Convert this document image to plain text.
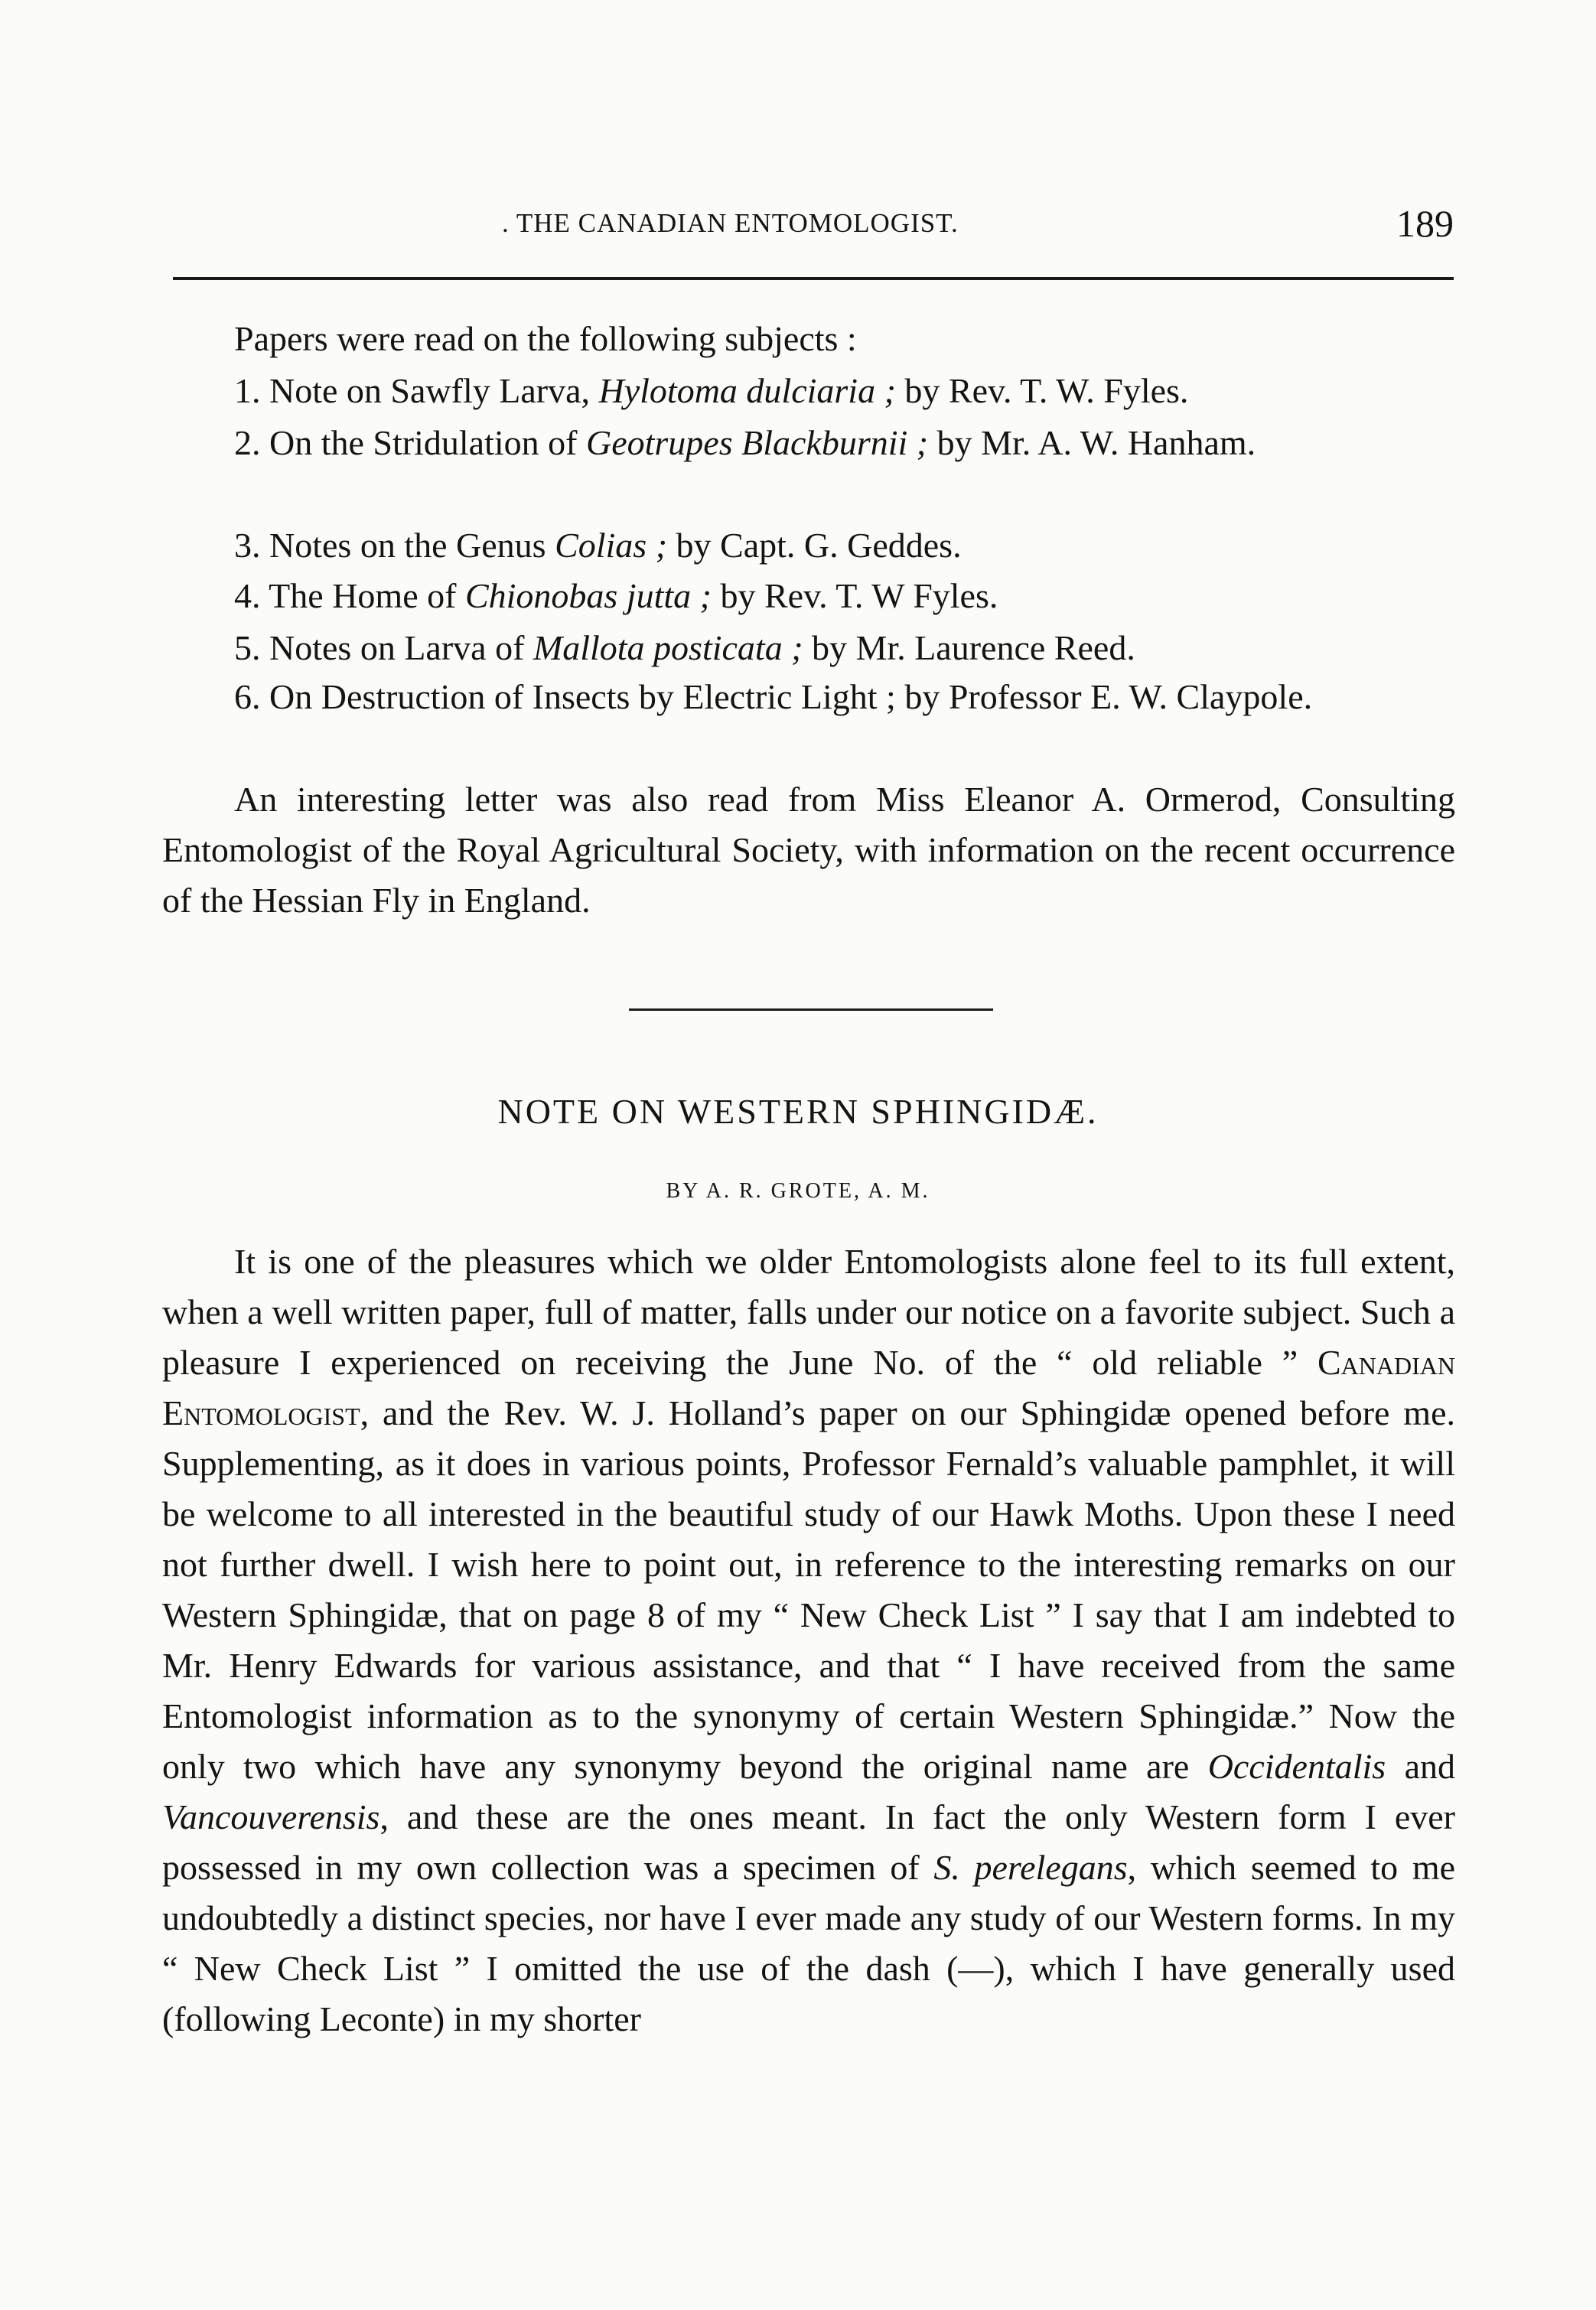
. THE CANADIAN ENTOMOLOGIST.	189

Papers were read on the following subjects :

1. Note on Sawfly Larva, Hylotoma dulciaria ; by Rev. T. W. Fyles.

2. On the Stridulation of Geotrupes Blackburnii ; by Mr. A. W. Hanham.

3. Notes on the Genus Colias ; by Capt. G. Geddes.

4. The Home of Chionobas jutta ; by Rev. T. W Fyles.

5. Notes on Larva of Mallota posticata ; by Mr. Laurence Reed.

6. On Destruction of Insects by Electric Light ; by Professor E. W. Claypole.

An interesting letter was also read from Miss Eleanor A. Ormerod, Consulting Entomologist of the Royal Agricultural Society, with information on the recent occurrence of the Hessian Fly in England.

NOTE ON WESTERN SPHINGIDÆ.
BY A. R. GROTE, A. M.

It is one of the pleasures which we older Entomologists alone feel to its full extent, when a well written paper, full of matter, falls under our notice on a favorite subject. Such a pleasure I experienced on receiving the June No. of the “ old reliable ” Canadian Entomologist, and the Rev. W. J. Holland’s paper on our Sphingidæ opened before me. Supplementing, as it does in various points, Professor Fernald’s valuable pamphlet, it will be welcome to all interested in the beautiful study of our Hawk Moths. Upon these I need not further dwell. I wish here to point out, in reference to the interesting remarks on our Western Sphingidæ, that on page 8 of my “ New Check List ” I say that I am indebted to Mr. Henry Edwards for various assistance, and that “ I have received from the same Entomologist information as to the synonymy of certain Western Sphingidæ.” Now the only two which have any synonymy beyond the original name are Occidentalis and Vancouverensis, and these are the ones meant. In fact the only Western form I ever possessed in my own collection was a specimen of S. perelegans, which seemed to me undoubtedly a distinct species, nor have I ever made any study of our Western forms. In my “ New Check List ” I omitted the use of the dash (—), which I have generally used (following Leconte) in my shorter
